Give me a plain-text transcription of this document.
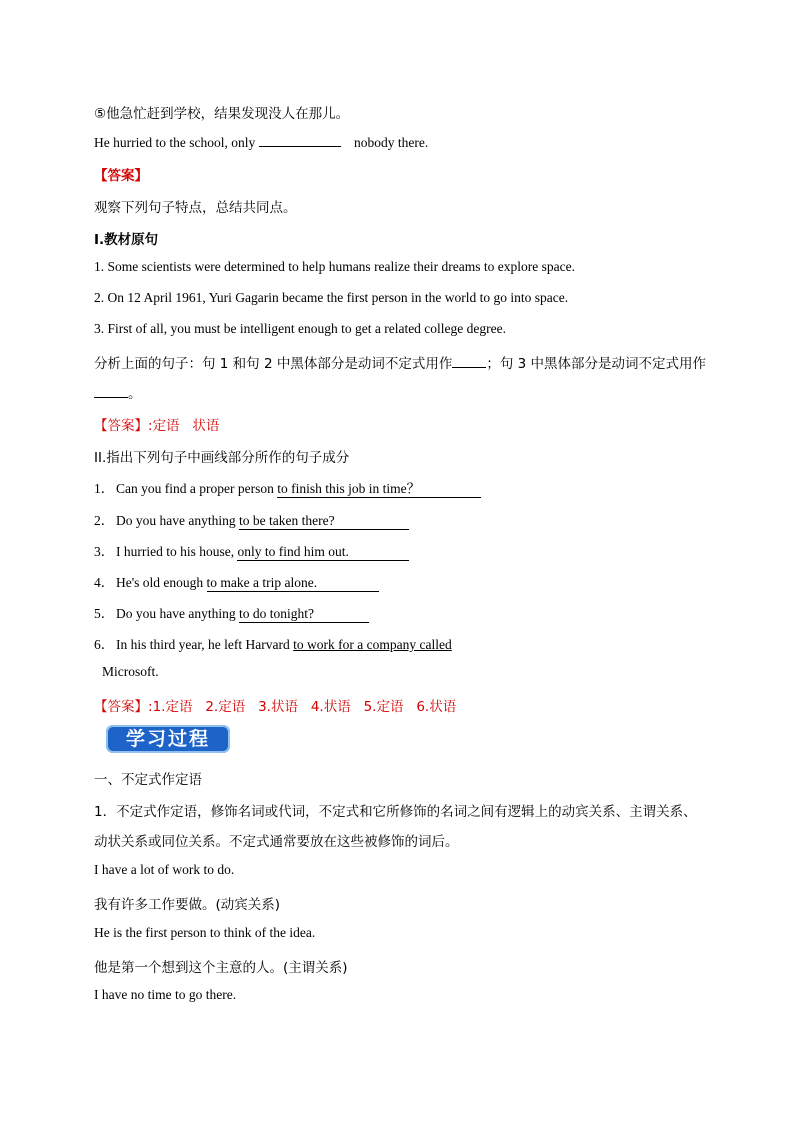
⑤他急忙赶到学校，结果发现没人在那儿。
He hurried to the school, only	nobody there.
【答案】
观察下列句子特点，总结共同点。
I.教材原句
1. Some scientists were determined to help humans realize their dreams to explore space.
2. On 12 April 1961, Yuri Gagarin became the first person in the world to go into space.
3. First of all, you must be intelligent enough to get a related college degree.
分析上面的句子：句 1 和句 2 中黑体部分是动词不定式用作	；句 3 中黑体部分是动词不定式用作
。
【答案】:定语   状语
II.指出下列句子中画线部分所作的句子成分
1． Can you find a proper person to finish this job in time？
2． Do you have anything to be taken there?
3． I hurried to his house, only to find him out.
4． He's old enough to make a trip alone.
5． Do you have anything to do tonight?
6． In his third year, he left Harvard to work for a company called
Microsoft.
【答案】:1.定语   2.定语   3.状语   4.状语   5.定语   6.状语
学习过程
一、不定式作定语
1．不定式作定语，修饰名词或代词，不定式和它所修饰的名词之间有逻辑上的动宾关系、主谓关系、
动状关系或同位关系。不定式通常要放在这些被修饰的词后。
I have a lot of work to do.
我有许多工作要做。(动宾关系)
He is the first person to think of the idea.
他是第一个想到这个主意的人。(主谓关系)
I have no time to go there.
